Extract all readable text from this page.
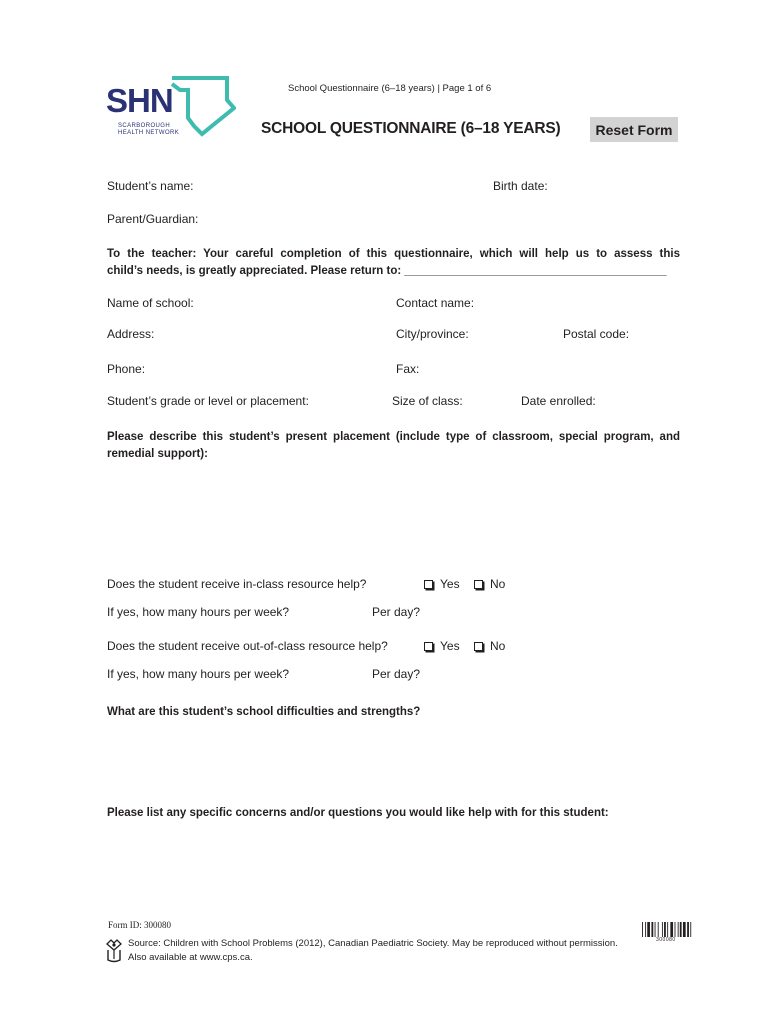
SHN
SCARBOROUGH
HEALTH NETWORK
School Questionnaire (6–18 years) | Page 1 of 6
SCHOOL QUESTIONNAIRE (6–18 YEARS)	Reset Form
Student’s name:	Birth date:
Parent/Guardian:
To the teacher: Your careful completion of this questionnaire, which will help us to assess this
child’s needs, is greatly appreciated. Please return to: _________________________________________
Name of school:	Contact name:
Address:	City/province:	Postal code:
Phone:	Fax:
Student’s grade or level or placement:	Size of class:	Date enrolled:
Please describe this student’s present placement (include type of classroom, special program, and
remedial support):
Does the student receive in-class resource help?	Yes	No
If yes, how many hours per week?	Per day?
Does the student receive out-of-class resource help?	Yes	No
If yes, how many hours per week?	Per day?
What are this student’s school difficulties and strengths?
Please list any specific concerns and/or questions you would like help with for this student:
Form ID: 300080
Source: Children with School Problems (2012), Canadian Paediatric Society. May be reproduced without permission.
Also available at www.cps.ca.
300080
